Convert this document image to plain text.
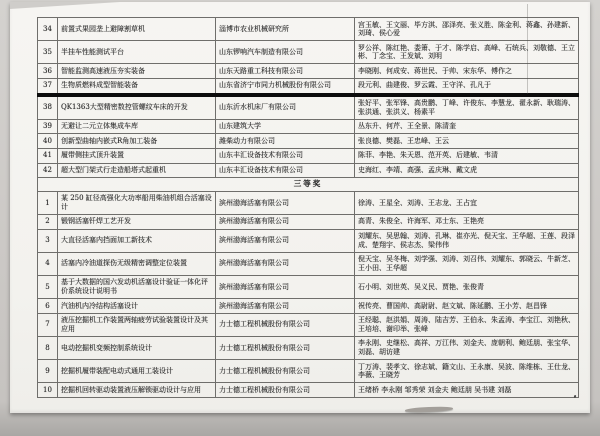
34	前置式果园垄上避障割草机	淄博市农业机械研究所	宫玉敏、王文丽、毕方淇、邵泽亮、张义胜、陈金利、蒋鑫、孙建新、刘琦、侯心爱
35	半挂车性能测试平台	山东锣响汽车制造有限公司	罗公祥、陈红艳、娄箫、于才、陈学启、高峰、石统兵、刘敬德、王立彬、丁念宝、王发斌、刘明
36	智能监测高速液压夯实装备	山东天路重工科技有限公司	李晓刚、何成安、蒋世民、于帅、宋东华、傅作之
37	生物质燃料成型智能装备	山东省济宁市同力机械股份有限公司	段元利、曲建俊、罗云霞、王守洋、孔凡于
38	QK1363大型精密数控管螺纹车床的开发	山东沂水机床厂有限公司	张好平、张军锋、高贵鹏、丁峰、许俊东、李慧龙、翟永新、耿瑞涛、张洪通、张洪义、杨素平
39	无避让二元立体集成车库	山东建筑大学	丛东升、何芹、王全景、陈清奎
40	创新型曲轴内嵌式R角加工装备	潍柴动力有限公司	张良德、樊磊、王忠峰、王云
41	履带侧挂式顶升装置	山东丰汇设备技术有限公司	陈菲、李艳、朱天恩、范开英、后建敏、韦清
42	超大型门架式行走造船塔式起重机	山东丰汇设备技术有限公司	史海红、李靖、高强、孟庆琳、戴文虎
三等奖			
1	某 250 缸径高强化大功率船用柴油机组合活塞设计	滨州渤海活塞有限公司	徐涛、王星全、刘涛、王志龙、王占宜
2	锻钢活塞钎焊工艺开发	滨州渤海活塞有限公司	高青、朱俊全、许海军、邓士东、王艳亮
3	大直径活塞内挡面加工新技术	滨州渤海活塞有限公司	刘耀东、吴思翰、刘涛、孔琳、崔亦光、倪天宝、王华超、王莲、段泽成、楚翔宇、侯志杰、梁伟伟
4	活塞内冷油道探伤无级精密调整定位装置	滨州渤海活塞有限公司	倪天宝、吴冬梅、刘学强、刘涛、刘召伟、刘耀东、郭晓云、牛新芝、王小田、王华超
5	基于大数据的国六发动机活塞设计验证一体化评价系统设计说明书	滨州渤海活塞有限公司	石小明、刘世英、吴义民、贾艳、张俊青
6	汽油机内冷结构活塞设计	滨州渤海活塞有限公司	祝传亮、曹国帅、高尉尉、赵文斌、陈延鹏、王小芳、赵昌锋
7	液压挖掘机工作装置两轴疲劳试验装置设计及其应用	力士德工程机械股份有限公司	王经聪、赵洪娟、周涛、陆吉芳、王伯永、朱孟涛、李宝江、刘艳秋、王培培、谢印举、张峰
8	电动挖掘机变频控制系统设计	力士德工程机械股份有限公司	李永刚、史继松、高祥、万江伟、刘金夫、庞朝利、鲍廷朋、张宝华、刘磊、胡访建
9	挖掘机履带装配电动式通用工装设计	力士德工程机械股份有限公司	丁万涛、裴孝文、徐志斌、籍文山、王永康、吴波、陈维栋、王仕龙、李薇、王晓芳
10	挖掘机回转驱动装置液压解锁驱动设计与应用	力士德工程机械股份有限公司	王绪桥 李永刚 邹秀荣 刘金夫 鲍廷朋 吴书建 刘磊
